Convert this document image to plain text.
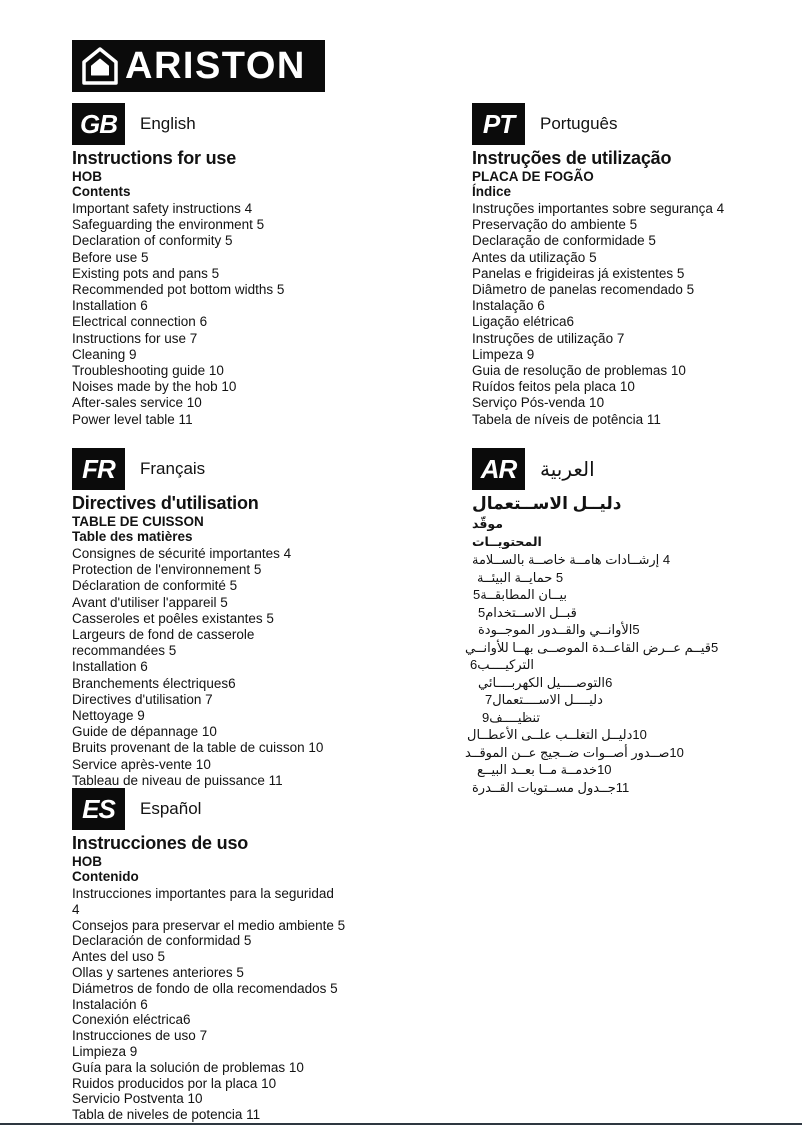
ARISTON
GB English
Instructions for use
HOB
Contents
Important safety instructions 4
Safeguarding the environment 5
Declaration of conformity 5
Before use 5
Existing pots and pans 5
Recommended pot bottom widths 5
Installation 6
Electrical connection 6
Instructions for use 7
Cleaning 9
Troubleshooting guide 10
Noises made by the hob 10
After-sales service 10
Power level table 11
PT Português
Instruções de utilização
PLACA DE FOGÃO
Índice
Instruções importantes sobre segurança 4
Preservação do ambiente 5
Declaração de conformidade 5
Antes da utilização 5
Panelas e frigideiras já existentes 5
Diâmetro de panelas recomendado 5
Instalação 6
Ligação elétrica6
Instruções de utilização 7
Limpeza 9
Guia de resolução de problemas 10
Ruídos feitos pela placa 10
Serviço Pós-venda 10
Tabela de níveis de potência 11
FR Français
Directives d'utilisation
TABLE DE CUISSON
Table des matières
Consignes de sécurité importantes 4
Protection de l'environnement 5
Déclaration de conformité 5
Avant d'utiliser l'appareil 5
Casseroles et poêles existantes 5
Largeurs de fond de casserole
recommandées 5
Installation 6
Branchements électriques6
Directives d'utilisation 7
Nettoyage 9
Guide de dépannage 10
Bruits provenant de la table de cuisson 10
Service après-vente 10
Tableau de niveau de puissance 11
AR العربية
دليــل الاســتعمال
موقّد
المحتويــات
إرشــادات هامــة خاصــة بالســلامة ‎4
حمايــة البيئــة ‎5
5بيــان المطابقــة
5قبــل الاســتخدام
الأوانــي والقــدور الموجــودة‎5
قيــم عــرض القاعــدة الموصــى بهــا للأوانــي‎5
6التركيــــب
التوصــــيل الكهربــــائي‎6
7دليــــل الاســــتعمال
9تنظيــــف
دليــل التغلــب علــى الأعطــال‎10
صــدور أصــوات ضــجيج عــن الموقــد‎10
خدمــة مــا بعــد البيــع‎10
جــدول مســتويات القــدرة‎11
ES Español
Instrucciones de uso
HOB
Contenido
Instrucciones importantes para la seguridad
4
Consejos para preservar el medio ambiente 5
Declaración de conformidad 5
Antes del uso 5
Ollas y sartenes anteriores 5
Diámetros de fondo de olla recomendados 5
Instalación 6
Conexión eléctrica6
Instrucciones de uso 7
Limpieza 9
Guía para la solución de problemas 10
Ruidos producidos por la placa 10
Servicio Postventa 10
Tabla de niveles de potencia 11
